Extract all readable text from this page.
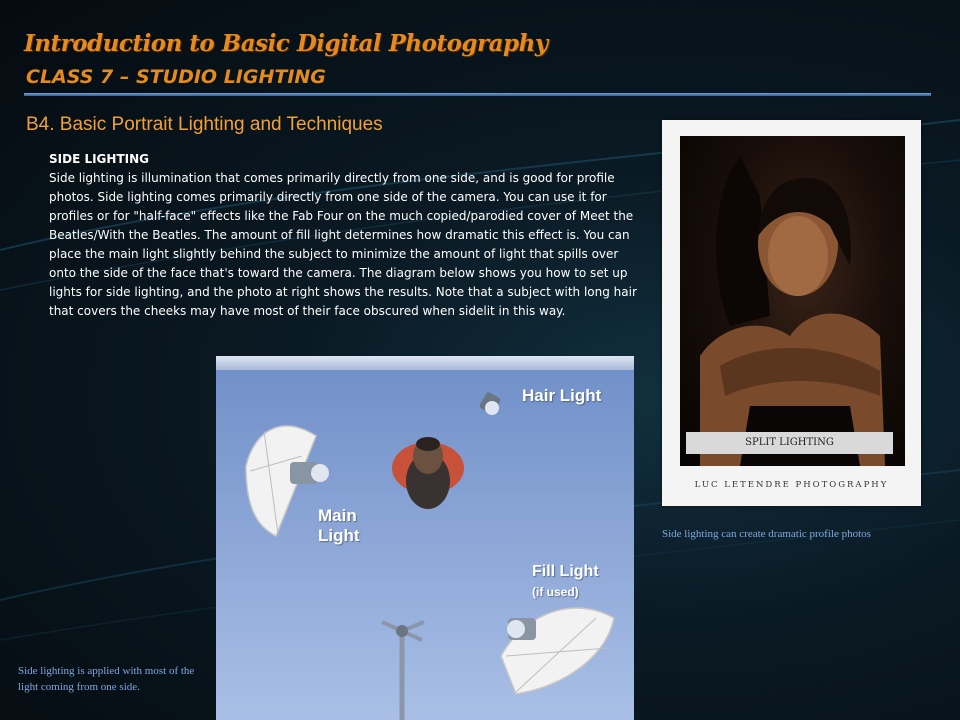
Introduction to Basic Digital Photography
CLASS 7 – STUDIO LIGHTING
B4. Basic Portrait Lighting and Techniques
SIDE LIGHTING
Side lighting is illumination that comes primarily directly from one side, and is good for profile photos. Side lighting comes primarily directly from one side of the camera. You can use it for profiles or for "half-face" effects like the Fab Four on the much copied/parodied cover of Meet the Beatles/With the Beatles. The amount of fill light determines how dramatic this effect is. You can place the main light slightly behind the subject to minimize the amount of light that spills over onto the side of the face that's toward the camera. The diagram below shows you how to set up lights for side lighting, and the photo at right shows the results. Note that a subject with long hair that covers the cheeks may have most of their face obscured when sidelit in this way.
Hair Light
Main
Light
Fill Light
(if used)
SPLIT LIGHTING
LUC LETENDRE PHOTOGRAPHY
Side lighting can create dramatic profile photos
Side lighting is applied with most of the light coming from one side.
